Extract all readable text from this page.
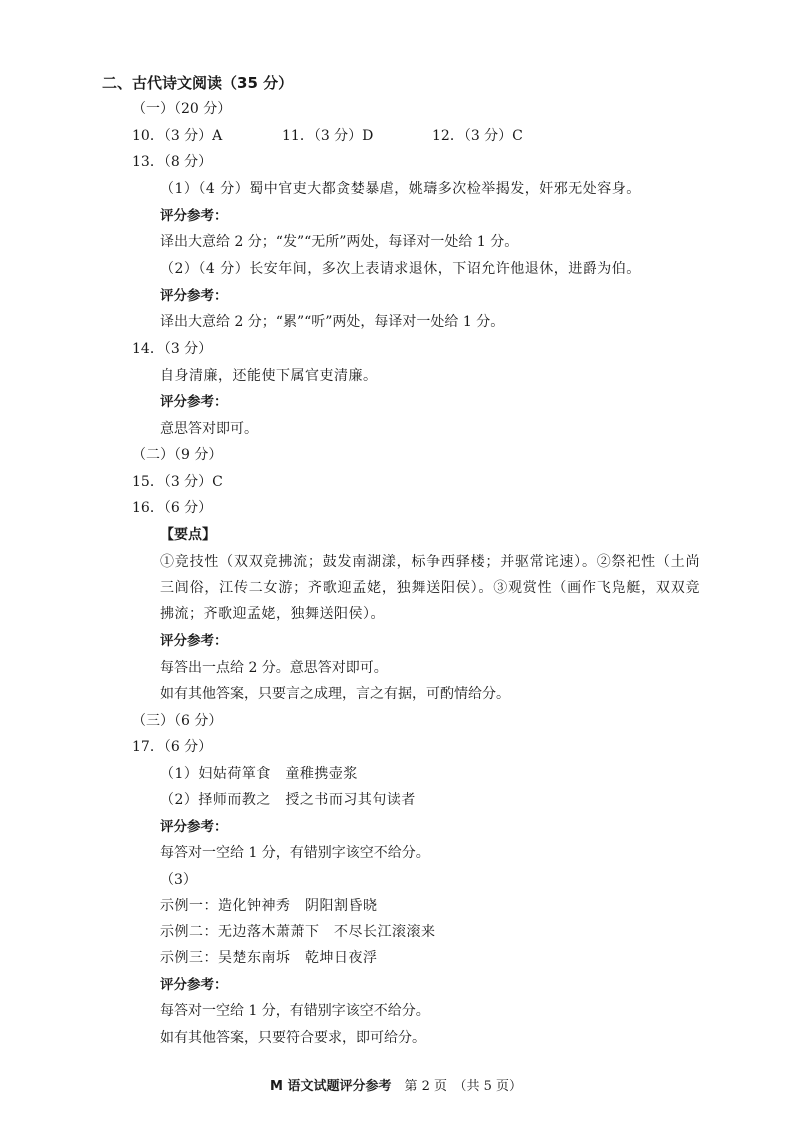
二、古代诗文阅读（35 分）
（一）（20 分）
10．（3 分）A	11．（3 分）D	12．（3 分）C
13．（8 分）
（1）（4 分）蜀中官吏大都贪婪暴虐，姚璹多次检举揭发，奸邪无处容身。
评分参考：
译出大意给 2 分；“发”“无所”两处，每译对一处给 1 分。
（2）（4 分）长安年间，多次上表请求退休，下诏允许他退休，进爵为伯。
评分参考：
译出大意给 2 分；“累”“听”两处，每译对一处给 1 分。
14．（3 分）
自身清廉，还能使下属官吏清廉。
评分参考：
意思答对即可。
（二）（9 分）
15．（3 分）C
16．（6 分）
【要点】
①竞技性（双双竞拂流；鼓发南湖漾，标争西驿楼；并驱常诧速）。②祭祀性（土尚三闾俗，江传二女游；齐歌迎孟姥，独舞送阳侯）。③观赏性（画作飞凫艇，双双竞拂流；齐歌迎孟姥，独舞送阳侯）。
评分参考：
每答出一点给 2 分。意思答对即可。
如有其他答案，只要言之成理，言之有据，可酌情给分。
（三）（6 分）
17．（6 分）
（1）妇姑荷箪食　童稚携壶浆
（2）择师而教之　授之书而习其句读者
评分参考：
每答对一空给 1 分，有错别字该空不给分。
（3）
示例一：造化钟神秀　阴阳割昏晓
示例二：无边落木萧萧下　不尽长江滚滚来
示例三：吴楚东南坼　乾坤日夜浮
评分参考：
每答对一空给 1 分，有错别字该空不给分。
如有其他答案，只要符合要求，即可给分。
M 语文试题评分参考　 第 2 页　（共 5 页）
